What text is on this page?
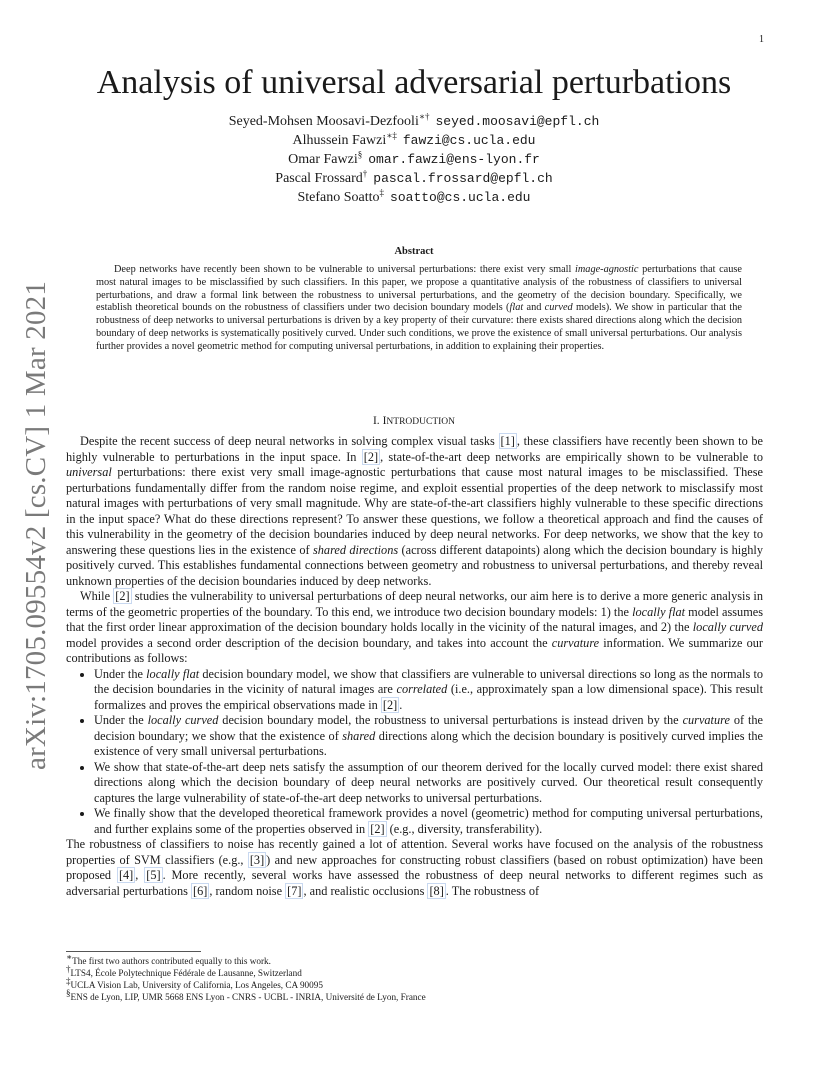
1
arXiv:1705.09554v2 [cs.CV] 1 Mar 2021
Analysis of universal adversarial perturbations
Seyed-Mohsen Moosavi-Dezfooli∗† seyed.moosavi@epfl.ch
Alhussein Fawzi∗‡ fawzi@cs.ucla.edu
Omar Fawzi§ omar.fawzi@ens-lyon.fr
Pascal Frossard† pascal.frossard@epfl.ch
Stefano Soatto‡ soatto@cs.ucla.edu
Abstract

Deep networks have recently been shown to be vulnerable to universal perturbations: there exist very small image-agnostic perturbations that cause most natural images to be misclassified by such classifiers. In this paper, we propose a quantitative analysis of the robustness of classifiers to universal perturbations, and draw a formal link between the robustness to universal perturbations, and the geometry of the decision boundary. Specifically, we establish theoretical bounds on the robustness of classifiers under two decision boundary models (flat and curved models). We show in particular that the robustness of deep networks to universal perturbations is driven by a key property of their curvature: there exists shared directions along which the decision boundary of deep networks is systematically positively curved. Under such conditions, we prove the existence of small universal perturbations. Our analysis further provides a novel geometric method for computing universal perturbations, in addition to explaining their properties.

I. INTRODUCTION

Despite the recent success of deep neural networks in solving complex visual tasks [1] , these classifiers have recently been shown to be highly vulnerable to perturbations in the input space. In [2] , state-of-the-art deep networks are empirically shown to be vulnerable to universal perturbations: there exist very small image-agnostic perturbations that cause most natural images to be misclassified. These perturbations fundamentally differ from the random noise regime, and exploit essential properties of the deep network to misclassify most natural images with perturbations of very small magnitude. Why are state-of-the-art classifiers highly vulnerable to these specific directions in the input space? What do these directions represent? To answer these questions, we follow a theoretical approach and find the causes of this vulnerability in the geometry of the decision boundaries induced by deep neural networks. For deep networks, we show that the key to answering these questions lies in the existence of shared directions (across different datapoints) along which the decision boundary is highly positively curved. This establishes fundamental connections between geometry and robustness to universal perturbations, and thereby reveal unknown properties of the decision boundaries induced by deep networks.

While [2] studies the vulnerability to universal perturbations of deep neural networks, our aim here is to derive a more generic analysis in terms of the geometric properties of the boundary. To this end, we introduce two decision boundary models: 1) the locally flat model assumes that the first order linear approximation of the decision boundary holds locally in the vicinity of the natural images, and 2) the locally curved model provides a second order description of the decision boundary, and takes into account the curvature information. We summarize our contributions as follows:

• Under the locally flat decision boundary model, we show that classifiers are vulnerable to universal directions so long as the normals to the decision boundaries in the vicinity of natural images are correlated (i.e., approximately span a low dimensional space). This result formalizes and proves the empirical observations made in [2] .
• Under the locally curved decision boundary model, the robustness to universal perturbations is instead driven by the curvature of the decision boundary; we show that the existence of shared directions along which the decision boundary is positively curved implies the existence of very small universal perturbations.
• We show that state-of-the-art deep nets satisfy the assumption of our theorem derived for the locally curved model: there exist shared directions along which the decision boundary of deep neural networks are positively curved. Our theoretical result consequently captures the large vulnerability of state-of-the-art deep networks to universal perturbations.
• We finally show that the developed theoretical framework provides a novel (geometric) method for computing universal perturbations, and further explains some of the properties observed in [2] (e.g., diversity, transferability).

The robustness of classifiers to noise has recently gained a lot of attention. Several works have focused on the analysis of the robustness properties of SVM classifiers (e.g., [3] ) and new approaches for constructing robust classifiers (based on robust optimization) have been proposed [4] , [5] . More recently, several works have assessed the robustness of deep neural networks to different regimes such as adversarial perturbations [6] , random noise [7] , and realistic occlusions [8] . The robustness of

∗The first two authors contributed equally to this work.
†LTS4, École Polytechnique Fédérale de Lausanne, Switzerland
‡UCLA Vision Lab, University of California, Los Angeles, CA 90095
§ENS de Lyon, LIP, UMR 5668 ENS Lyon - CNRS - UCBL - INRIA, Université de Lyon, France
